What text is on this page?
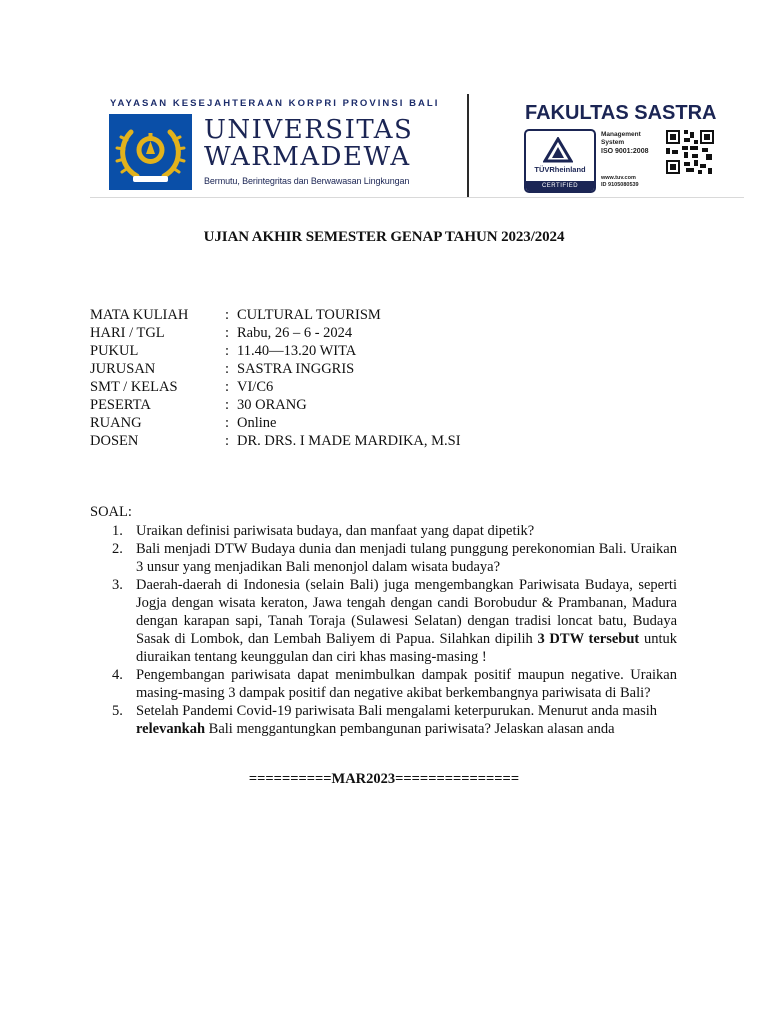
YAYASAN KESEJAHTERAAN KORPRI PROVINSI BALI
UNIVERSITAS
WARMADEWA
Bermutu, Berintegritas dan Berwawasan Lingkungan
FAKULTAS SASTRA
TÜVRheinland
CERTIFIED
Management
System
ISO 9001:2008
www.tuv.com
ID 9105080539
UJIAN AKHIR SEMESTER GENAP TAHUN 2023/2024
MATA KULIAH	: CULTURAL TOURISM
HARI / TGL	: Rabu, 26 – 6 - 2024
PUKUL	: 11.40—13.20 WITA
JURUSAN	: SASTRA INGGRIS
SMT / KELAS	: VI/C6
PESERTA	: 30 ORANG
RUANG	: Online
DOSEN	: DR. DRS. I MADE MARDIKA, M.SI
SOAL:
1. Uraikan definisi pariwisata budaya, dan manfaat yang dapat dipetik?
2. Bali menjadi DTW Budaya dunia dan menjadi tulang punggung perekonomian Bali. Uraikan 3 unsur yang menjadikan Bali menonjol dalam wisata budaya?
3. Daerah-daerah di Indonesia (selain Bali) juga mengembangkan Pariwisata Budaya, seperti Jogja dengan wisata keraton, Jawa tengah dengan candi Borobudur & Prambanan, Madura dengan karapan sapi, Tanah Toraja (Sulawesi Selatan) dengan tradisi loncat batu, Budaya Sasak di Lombok, dan Lembah Baliyem di Papua. Silahkan dipilih 3 DTW tersebut untuk diuraikan tentang keunggulan dan ciri khas masing-masing !
4. Pengembangan pariwisata dapat menimbulkan dampak positif maupun negative. Uraikan masing-masing 3 dampak positif dan negative akibat berkembangnya pariwisata di Bali?
5. Setelah Pandemi Covid-19 pariwisata Bali mengalami keterpurukan. Menurut anda masih relevankah Bali menggantungkan pembangunan pariwisata? Jelaskan alasan anda
==========MAR2023===============
